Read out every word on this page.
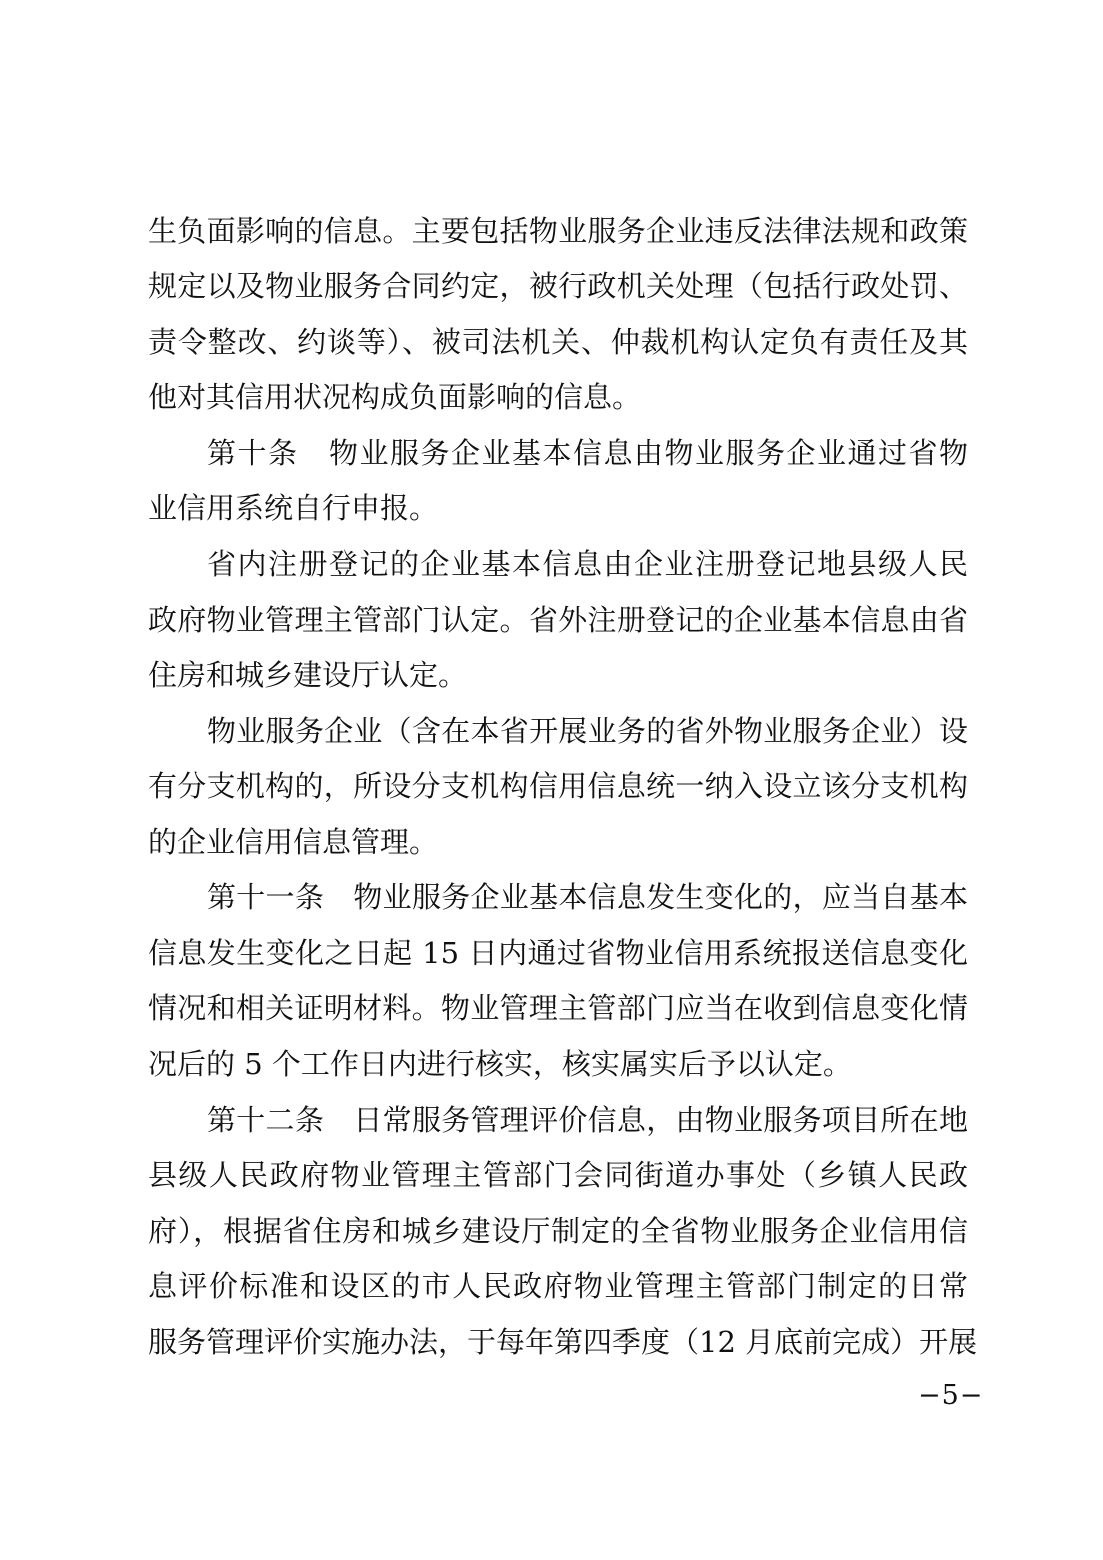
生负面影响的信息。主要包括物业服务企业违反法律法规和政策
规定以及物业服务合同约定，被行政机关处理（包括行政处罚、
责令整改、约谈等）、被司法机关、仲裁机构认定负有责任及其
他对其信用状况构成负面影响的信息。
第十条　物业服务企业基本信息由物业服务企业通过省物
业信用系统自行申报。
省内注册登记的企业基本信息由企业注册登记地县级人民
政府物业管理主管部门认定。省外注册登记的企业基本信息由省
住房和城乡建设厅认定。
物业服务企业（含在本省开展业务的省外物业服务企业）设
有分支机构的，所设分支机构信用信息统一纳入设立该分支机构
的企业信用信息管理。
第十一条　物业服务企业基本信息发生变化的，应当自基本
信息发生变化之日起 15 日内通过省物业信用系统报送信息变化
情况和相关证明材料。物业管理主管部门应当在收到信息变化情
况后的 5 个工作日内进行核实，核实属实后予以认定。
第十二条　日常服务管理评价信息，由物业服务项目所在地
县级人民政府物业管理主管部门会同街道办事处（乡镇人民政
府），根据省住房和城乡建设厅制定的全省物业服务企业信用信
息评价标准和设区的市人民政府物业管理主管部门制定的日常
服务管理评价实施办法，于每年第四季度（12 月底前完成）开展
−5−
